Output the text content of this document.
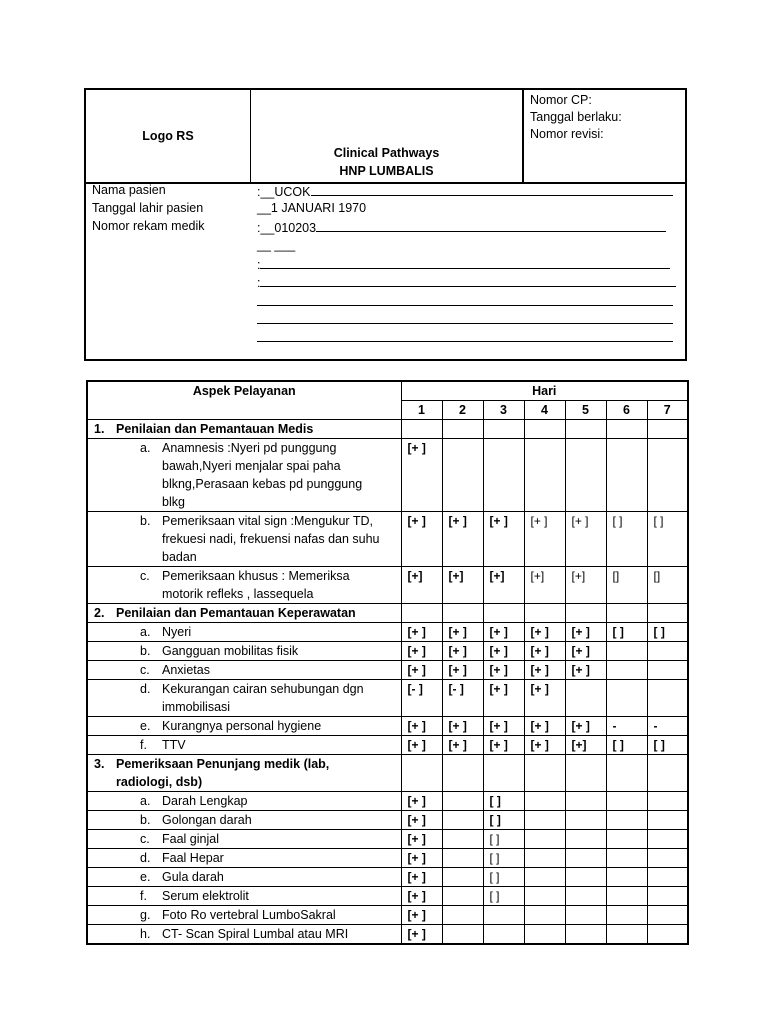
Logo RS
Clinical Pathways
HNP LUMBALIS
Nomor CP:
Tanggal berlaku:
Nomor revisi:
Nama pasien	:__UCOK
Tanggal lahir pasien	__1 JANUARI 1970
Nomor rekam medik	:__010203
__ ___
:
:
Aspek Pelayanan	Hari						
	1	2	3	4	5	6	7
1. Penilaian dan Pemantauan Medis							
a. Anamnesis :Nyeri pd punggung bawah,Nyeri menjalar spai paha blkng,Perasaan kebas pd punggung blkg	[+ ]						
b. Pemeriksaan vital sign :Mengukur TD, frekuesi nadi, frekuensi nafas dan suhu badan	[+ ]	[+ ]	[+ ]	[+ ]	[+ ]	[ ]	[ ]
c. Pemeriksaan khusus : Memeriksa motorik refleks , lassequela	[+]	[+]	[+]	[+]	[+]	[]	[]
2. Penilaian dan Pemantauan Keperawatan							
a. Nyeri	[+ ]	[+ ]	[+ ]	[+ ]	[+ ]	[ ]	[ ]
b. Gangguan mobilitas fisik	[+ ]	[+ ]	[+ ]	[+ ]	[+ ]		
c. Anxietas	[+ ]	[+ ]	[+ ]	[+ ]	[+ ]		
d. Kekurangan cairan sehubungan dgn immobilisasi	[- ]	[- ]	[+ ]	[+ ]			
e. Kurangnya personal hygiene	[+ ]	[+ ]	[+ ]	[+ ]	[+ ]	-	-
f. TTV	[+ ]	[+ ]	[+ ]	[+ ]	[+]	[ ]	[ ]
3. Pemeriksaan Penunjang medik (lab, radiologi, dsb)							
a. Darah Lengkap	[+ ]		[ ]				
b. Golongan darah	[+ ]		[ ]				
c. Faal ginjal	[+ ]		[ ]				
d. Faal Hepar	[+ ]		[ ]				
e. Gula darah	[+ ]		[ ]				
f. Serum elektrolit	[+ ]		[ ]				
g. Foto Ro vertebral LumboSakral	[+ ]						
h. CT- Scan Spiral Lumbal atau MRI	[+ ]						
